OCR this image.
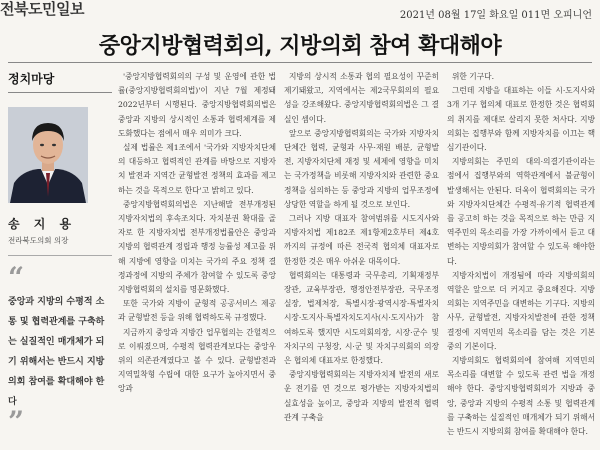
전북도민일보	2021년 08월 17일 화요일 011면 오피니언
중앙지방협력회의, 지방의회 참여 확대해야
정치마당
송 지 용
전라북도의회 의장
“
중앙과 지방의 수평적 소통 및 협력관계를 구축하는 실질적인 매개체가 되기 위해서는 반드시 지방의회 참여를 확대해야 한다
”

'중앙지방협력회의의 구성 및 운영에 관한 법률(중앙지방협력회의법)'이 지난 7월 제정돼 2022년부터 시행된다. 중앙지방협력회의법은 중앙과 지방의 상시적인 소통과 협력체계를 제도화했다는 점에서 매우 의미가 크다.

실제 법률은 제1조에서 '국가와 지방자치단체의 대등하고 협력적인 관계를 바탕으로 지방자치 발전과 지역간 균형발전 정책의 효과를 제고하는 것을 목적으로 한다'고 밝히고 있다.

중앙지방협력회의법은 지난해말 전부개정된 지방자치법의 후속조치다. 자치분권 확대를 골자로 한 지방자치법 전부개정법률안은 중앙과 지방의 협력관계 정립과 행정 능률성 제고를 위해 지방에 영향을 미치는 국가의 주요 정책 결정과정에 지방의 주체가 참여할 수 있도록 중앙지방협력회의 설치를 명문화했다.

또한 국가와 지방이 균형적 공공서비스 제공과 균형발전 등을 위해 협력하도록 규정했다.

지금까지 중앙과 지방간 업무협의는 간헐적으로 이뤄졌으며, 수평적 협력관계보다는 중앙우위의 의존관계였다고 볼 수 있다. 균형발전과 지역밀착형 수립에 대한 요구가 높아지면서 중앙과

지방의 상시적 소통과 협의 필요성이 꾸준히 제기돼왔고, 지역에서는 제2국무회의의 필요성을 강조해왔다. 중앙지방협력회의법은 그 결실인 셈이다.

앞으로 중앙지방협력회의는 국가와 지방자치단체간 협력, 균형과 사무·재원 배분, 균형발전, 지방자치단체 재정 및 세제에 영향을 미치는 국가정책을 비롯해 지방자치와 관련한 중요 정책을 심의하는 등 중앙과 지방의 업무조정에 상당한 역할을 하게 될 것으로 보인다.

그러나 지방 대표자 참여범위를 시도지사와 지방자치법 제182조 제1항제2호부터 제4호까지의 규정에 따른 전국적 협의체 대표자로 한정한 것은 매우 아쉬운 대목이다.

협력회의는 대통령과 국무총리, 기획재정부장관, 교육부장관, 행정안전부장관, 국무조정실장, 법제처장, 특별시장·광역시장·특별자치시장·도지사·특별자치도지사(시·도지사)가 참여하도록 했지만 시도의회의장, 시장·군수 및 자치구의 구청장, 시·군 및 자치구의회의 의장은 협의체 대표자로 한정했다.

중앙지방협력회의는 지방자치제 발전의 새로운 전기를 연 것으로 평가받는 지방자치법의 실효성을 높이고, 중앙과 지방의 발전적 협력관계 구축을

위한 기구다.

그런데 지방을 대표하는 이들 시·도지사와 3개 기구 협의체 대표로 한정한 것은 협력회의 취지를 제대로 살리지 못한 처사다. 지방의회는 집행부와 함께 지방자치를 이끄는 핵심기관이다.

지방의회는 주민의 대의·의결기관이라는 점에서 집행부와의 역학관계에서 불균형이 발생해서는 안된다. 더욱이 협력회의는 국가와 지방자치단체간 수평적·유기적 협력관계를 공고히 하는 것을 목적으로 하는 만큼 지역주민의 목소리를 가장 가까이에서 듣고 대변하는 지방의회가 참여할 수 있도록 해야한다.

지방자치법이 개정됨에 따라 지방의회의 역할은 앞으로 더 커지고 중요해진다. 지방의회는 지역주민을 대변하는 기구다. 지방의 사무, 균형발전, 지방자치발전에 관한 정책결정에 지역민의 목소리를 담는 것은 기본 중의 기본이다.

지방의회도 협력회의에 참여해 지역민의 목소리를 대변할 수 있도록 관련 법을 개정해야 한다. 중앙지방협력회의가 지방과 중앙, 중앙과 지방의 수평적 소통 및 협력관계를 구축하는 실질적인 매개체가 되기 위해서는 반드시 지방의회 참여를 확대해야 한다.
